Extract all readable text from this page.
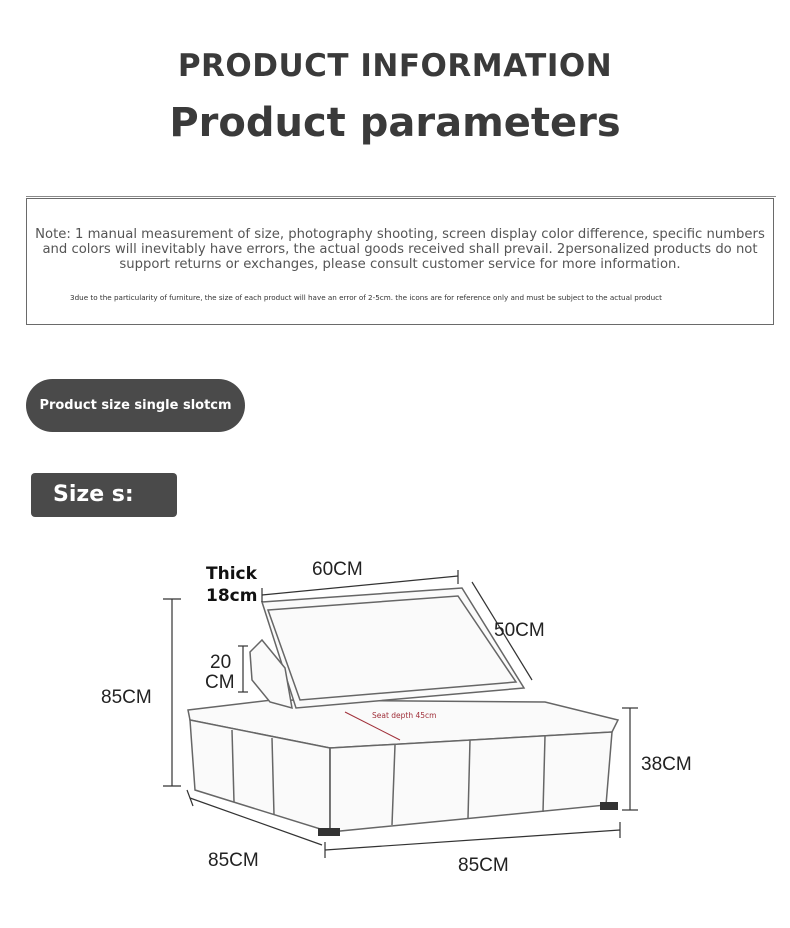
PRODUCT INFORMATION
Product parameters
Note: 1 manual measurement of size, photography shooting, screen display color difference, specific numbers and colors will inevitably have errors, the actual goods received shall prevail. 2personalized products do not support returns or exchanges, please consult customer service for more information.
3due to the particularity of furniture, the size of each product will have an error of 2-5cm. the icons are for reference only and must be subject to the actual product
Product size single slotcm
Size s:
Seat depth 45cm
Thick
18cm
60CM
50CM
20
CM
85CM
38CM
85CM	85CM
